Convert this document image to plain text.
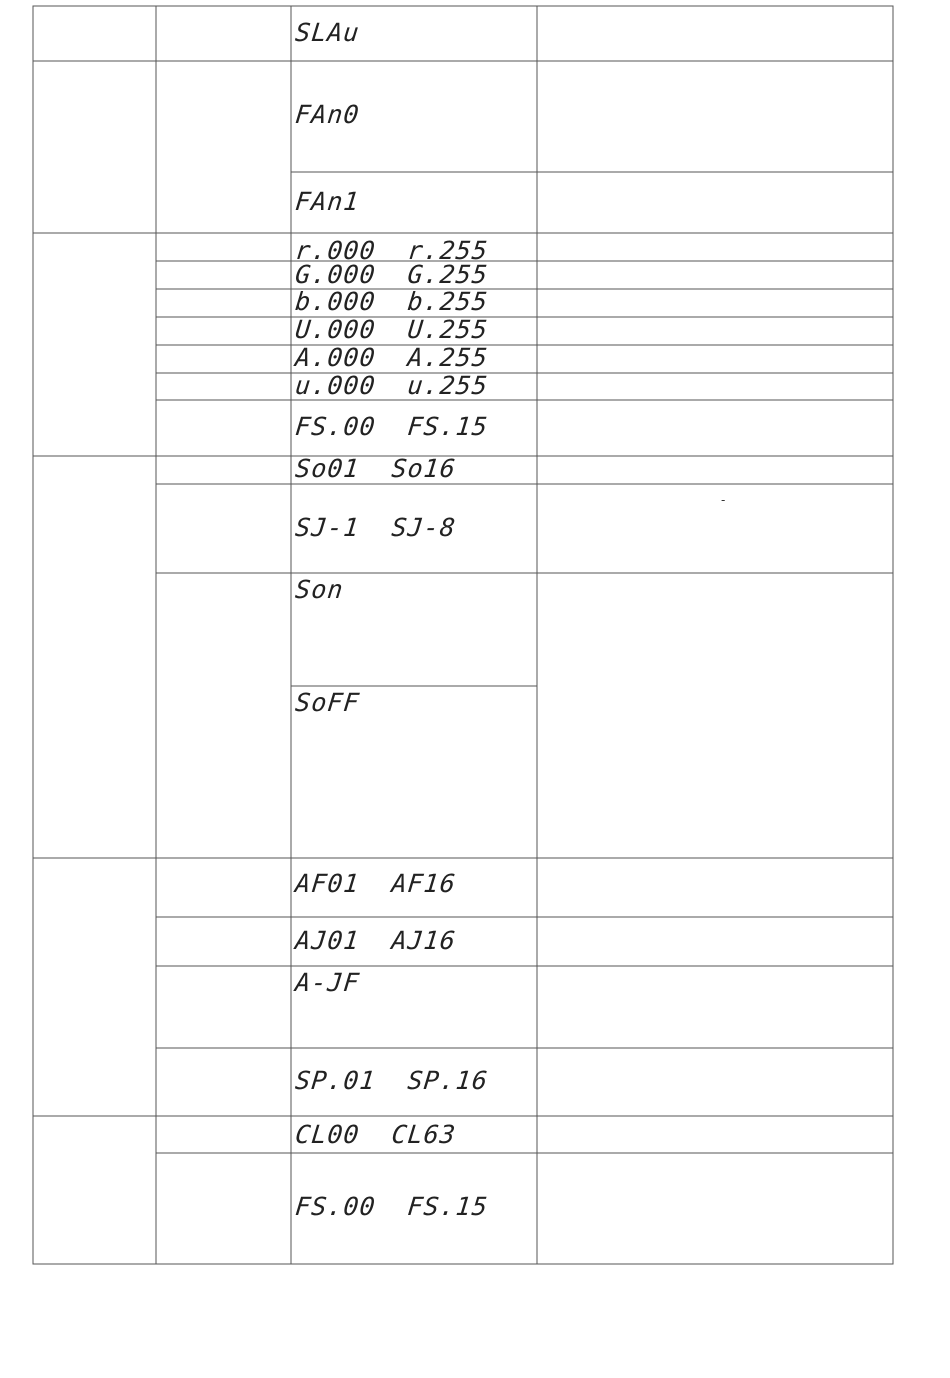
SLAu
FAn0
FAn1
r.000  r.255
G.000  G.255
b.000  b.255
U.000  U.255
A.000  A.255
u.000  u.255
FS.00  FS.15
So01  So16
SJ-1  SJ-8
Son
SoFF
AF01  AF16
AJ01  AJ16
A-JF
SP.01  SP.16
CL00  CL63
FS.00  FS.15
-
